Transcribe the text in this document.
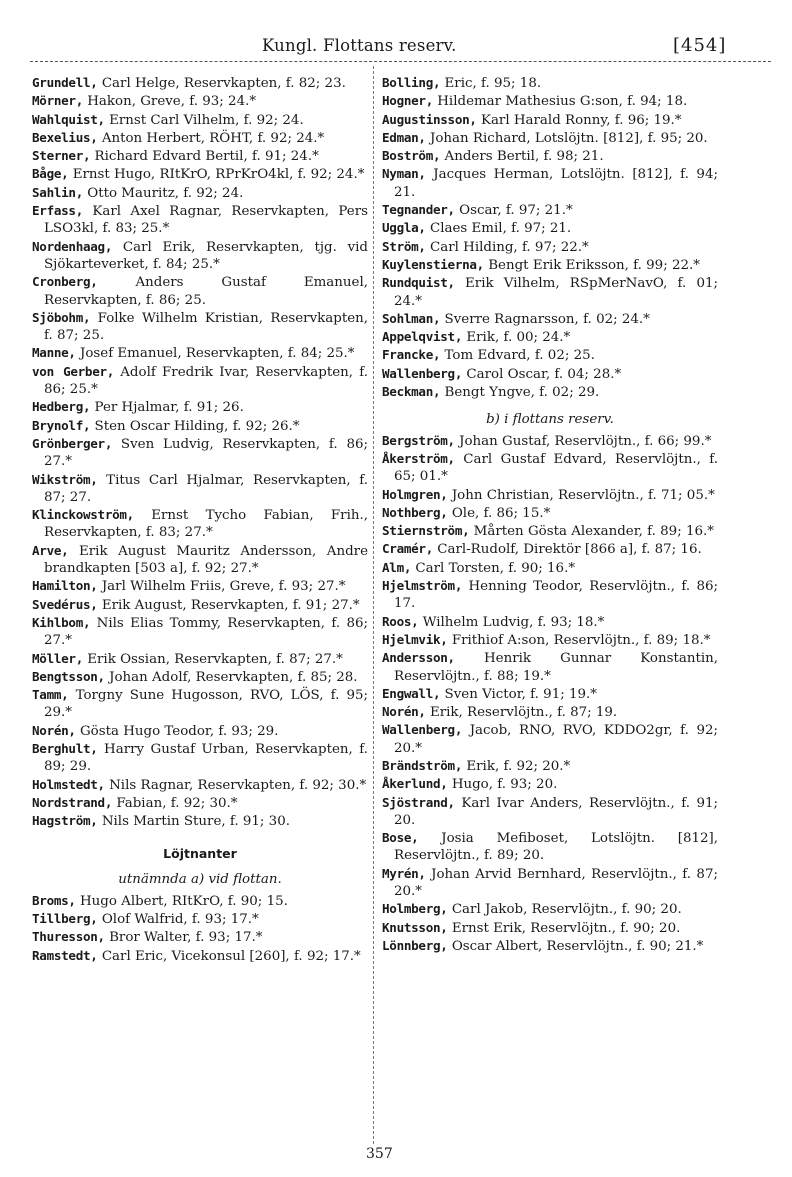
Kungl. Flottans reserv.	[454]

Grundell, Carl Helge, Reservkapten, f. 82; 23.

Mörner, Hakon, Greve, f. 93; 24.*

Wahlquist, Ernst Carl Vilhelm, f. 92; 24.

Bexelius, Anton Herbert, RÖHT, f. 92; 24.*

Sterner, Richard Edvard Bertil, f. 91; 24.*

Båge, Ernst Hugo, RItKrO, RPrKrO4kl, f. 92; 24.*

Sahlin, Otto Mauritz, f. 92; 24.

Erfass, Karl Axel Ragnar, Reservkapten, Pers LSO3kl, f. 83; 25.*

Nordenhaag, Carl Erik, Reservkapten, tjg. vid Sjökarteverket, f. 84; 25.*

Cronberg,	Anders Gustaf Emanuel, Reservkapten, f. 86; 25.

Sjöbohm, Folke Wilhelm Kristian, Reservkapten, f. 87; 25.

Manne, Josef Emanuel, Reservkapten, f. 84; 25.*

von Gerber, Adolf Fredrik Ivar, Reservkapten, f. 86; 25.*

Hedberg, Per Hjalmar, f. 91; 26.

Brynolf, Sten Oscar Hilding, f. 92; 26.*

Grönberger, Sven Ludvig, Reservkapten, f. 86; 27.*

Wikström, Titus Carl Hjalmar, Reservkapten, f. 87; 27.

Klinckowström, Ernst Tycho Fabian, Frih., Reservkapten, f. 83; 27.*

Arve, Erik August Mauritz Andersson, Andre brandkapten [503 a], f. 92; 27.*

Hamilton, Jarl Wilhelm Friis, Greve, f. 93; 27.*

Svedérus, Erik August, Reservkapten, f. 91; 27.*

Kihlbom, Nils Elias Tommy, Reservkapten, f. 86; 27.*

Möller, Erik Ossian, Reservkapten, f. 87; 27.*

Bengtsson, Johan Adolf, Reservkapten, f. 85; 28.

Tamm, Torgny Sune Hugosson, RVO, LÖS, f. 95; 29.*

Norén, Gösta Hugo Teodor, f. 93; 29.

Berghult, Harry Gustaf Urban, Reservkapten, f. 89; 29.

Holmstedt, Nils Ragnar, Reservkapten, f. 92; 30.*

Nordstrand, Fabian, f. 92; 30.*

Hagström, Nils Martin Sture, f. 91; 30.

Löjtnanter
utnämnda a) vid flottan.

Broms, Hugo Albert, RItKrO, f. 90; 15.

Tillberg, Olof Walfrid, f. 93; 17.*

Thuresson, Bror Walter, f. 93; 17.*

Ramstedt, Carl Eric, Vicekonsul [260], f. 92; 17.*

Bolling, Eric, f. 95; 18.

Hogner, Hildemar Mathesius G:son, f. 94; 18.

Augustinsson, Karl Harald Ronny, f. 96; 19.*

Edman, Johan Richard, Lotslöjtn. [812], f. 95; 20.

Boström, Anders Bertil, f. 98; 21.

Nyman, Jacques Herman, Lotslöjtn. [812], f. 94; 21.

Tegnander, Oscar, f. 97; 21.*

Uggla, Claes Emil, f. 97; 21.

Ström, Carl Hilding, f. 97; 22.*

Kuylenstierna, Bengt Erik Eriksson, f. 99; 22.*

Rundquist, Erik Vilhelm, RSpMerNavO, f. 01; 24.*

Sohlman, Sverre Ragnarsson, f. 02; 24.*

Appelqvist, Erik, f. 00; 24.*

Francke, Tom Edvard, f. 02; 25.

Wallenberg, Carol Oscar, f. 04; 28.*

Beckman, Bengt Yngve, f. 02; 29.

b) i flottans reserv.

Bergström, Johan Gustaf, Reservlöjtn., f. 66; 99.*

Åkerström, Carl Gustaf Edvard, Reservlöjtn., f. 65; 01.*

Holmgren, John Christian, Reservlöjtn., f. 71; 05.*

Nothberg, Ole, f. 86; 15.*

Stiernström, Mårten Gösta Alexander, f. 89; 16.*

Cramér, Carl-Rudolf, Direktör [866 a], f. 87; 16.

Alm, Carl Torsten, f. 90; 16.*

Hjelmström, Henning Teodor, Reservlöjtn., f. 86; 17.

Roos, Wilhelm Ludvig, f. 93; 18.*

Hjelmvik, Frithiof A:son, Reservlöjtn., f. 89; 18.*

Andersson, Henrik Gunnar Konstantin, Reservlöjtn., f. 88; 19.*

Engwall, Sven Victor, f. 91; 19.*

Norén, Erik, Reservlöjtn., f. 87; 19.

Wallenberg, Jacob, RNO, RVO, KDDO2gr, f. 92; 20.*

Brändström, Erik, f. 92; 20.*

Åkerlund, Hugo, f. 93; 20.

Sjöstrand, Karl Ivar Anders, Reservlöjtn., f. 91; 20.

Bose, Josia Mefiboset, Lotslöjtn. [812], Reservlöjtn., f. 89; 20.

Myrén, Johan Arvid Bernhard, Reservlöjtn., f. 87; 20.*

Holmberg, Carl Jakob, Reservlöjtn., f. 90; 20.

Knutsson, Ernst Erik, Reservlöjtn., f. 90; 20.

Lönnberg, Oscar Albert, Reservlöjtn., f. 90; 21.*

357
